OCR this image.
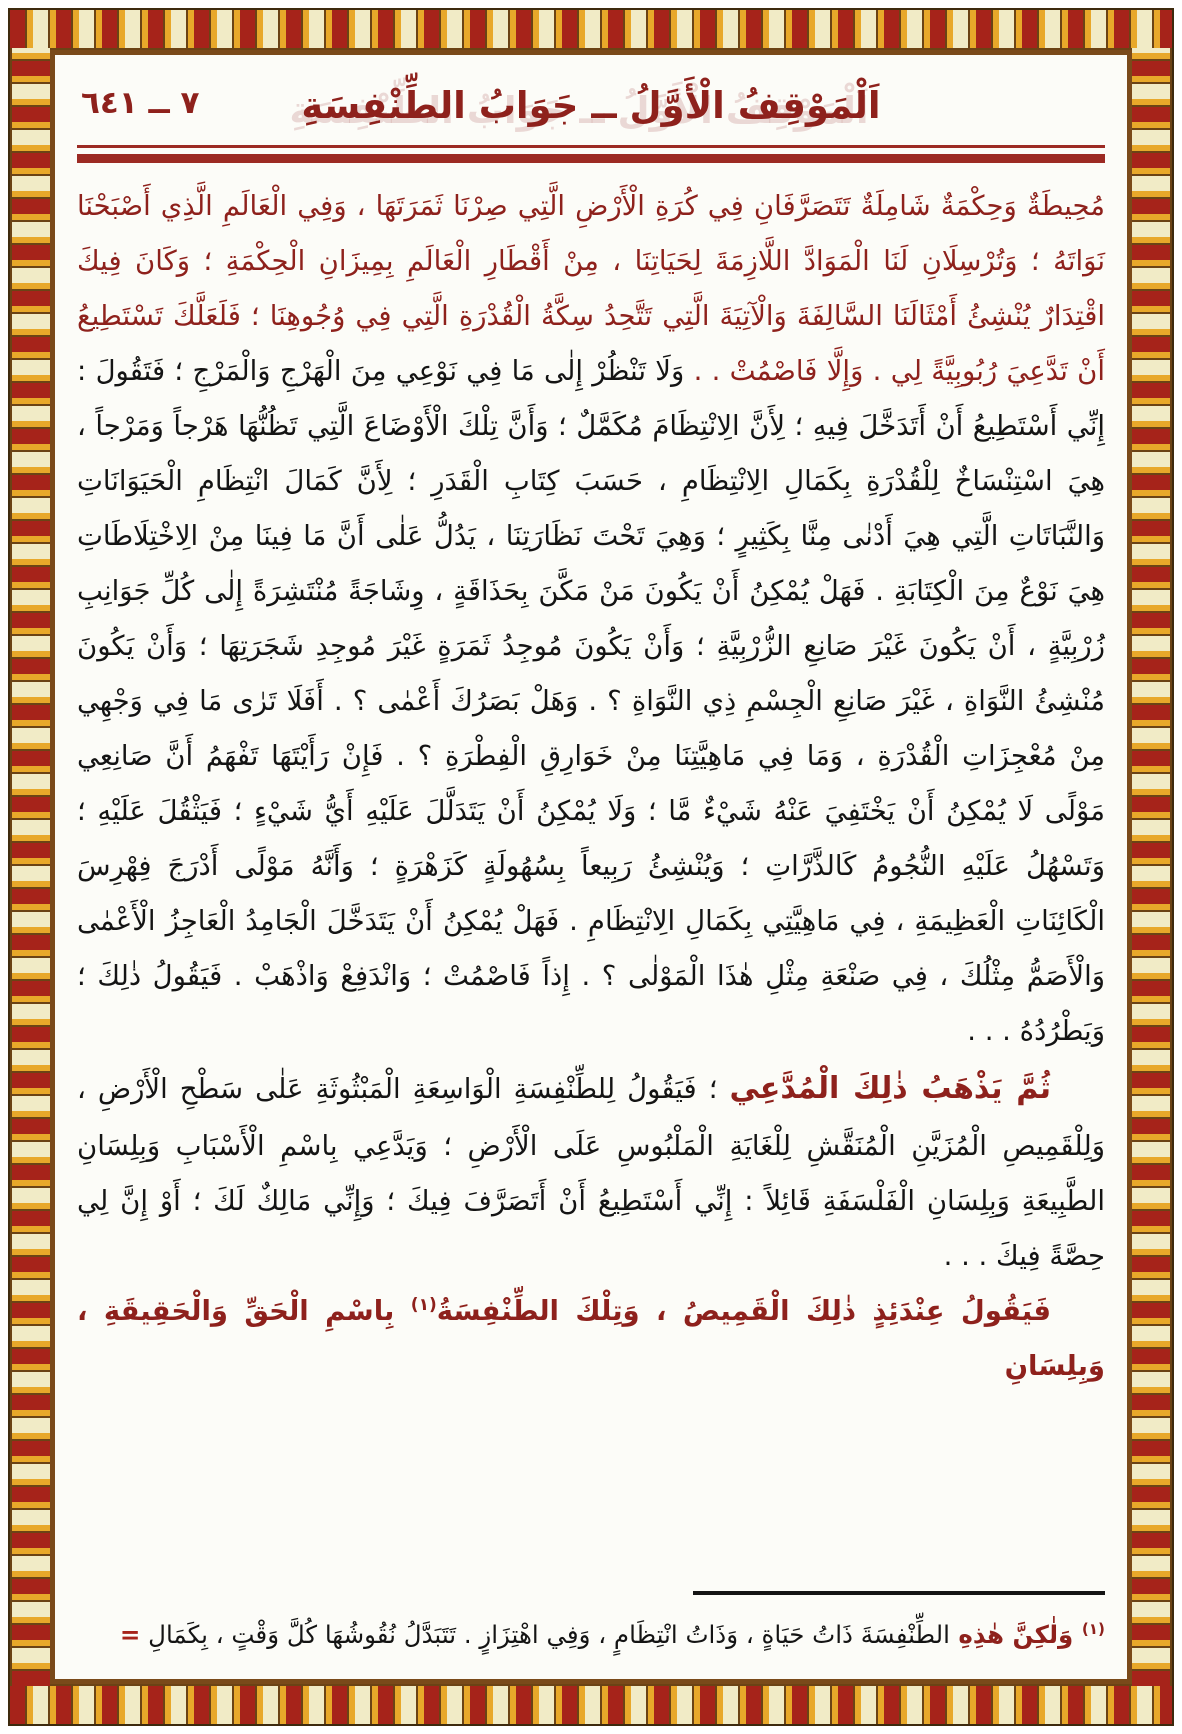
٧ ــ ٦٤١	اَلْمَوْقِفُ الْأَوَّلُ ــ جَوَابُ الطِّنْفِسَةِ

مُحِيطَةٌ وَحِكْمَةٌ شَامِلَةٌ تَتَصَرَّفَانِ فِي كُرَةِ الْأَرْضِ الَّتِي صِرْنَا ثَمَرَتَهَا ، وَفِي الْعَالَمِ الَّذِي أَصْبَحْنَا نَوَاتَهُ ؛ وَتُرْسِلَانِ لَنَا الْمَوَادَّ اللَّازِمَةَ لِحَيَاتِنَا ، مِنْ أَقْطَارِ الْعَالَمِ بِمِيزَانِ الْحِكْمَةِ ؛ وَكَانَ فِيكَ اقْتِدَارٌ يُنْشِئُ أَمْثَالَنَا السَّالِفَةَ وَالْآتِيَةَ الَّتِي تَتَّحِدُ سِكَّةُ الْقُدْرَةِ الَّتِي فِي وُجُوهِنَا ؛ فَلَعَلَّكَ تَسْتَطِيعُ أَنْ تَدَّعِيَ رُبُوبِيَّةً لِي . وَإِلَّا فَاصْمُتْ . . وَلَا تَنْظُرْ إِلٰى مَا فِي نَوْعِي مِنَ الْهَرْجِ وَالْمَرْجِ ؛ فَتَقُولَ : إِنِّي أَسْتَطِيعُ أَنْ أَتَدَخَّلَ فِيهِ ؛ لِأَنَّ الِانْتِظَامَ مُكَمَّلٌ ؛ وَأَنَّ تِلْكَ الْأَوْضَاعَ الَّتِي تَظُنُّهَا هَرْجاً وَمَرْجاً ، هِيَ اسْتِنْسَاخٌ لِلْقُدْرَةِ بِكَمَالِ الِانْتِظَامِ ، حَسَبَ كِتَابِ الْقَدَرِ ؛ لِأَنَّ كَمَالَ انْتِظَامِ الْحَيَوَانَاتِ وَالنَّبَاتَاتِ الَّتِي هِيَ أَدْنٰى مِنَّا بِكَثِيرٍ ؛ وَهِيَ تَحْتَ نَظَارَتِنَا ، يَدُلُّ عَلٰى أَنَّ مَا فِينَا مِنْ الِاخْتِلَاطَاتِ هِيَ نَوْعٌ مِنَ الْكِتَابَةِ . فَهَلْ يُمْكِنُ أَنْ يَكُونَ مَنْ مَكَّنَ بِحَذَاقَةٍ ، وِشَاجَةً مُنْتَشِرَةً إِلٰى كُلِّ جَوَانِبِ زُرْبِيَّةٍ ، أَنْ يَكُونَ غَيْرَ صَانِعِ الزُّرْبِيَّةِ ؛ وَأَنْ يَكُونَ مُوجِدُ ثَمَرَةٍ غَيْرَ مُوجِدِ شَجَرَتِهَا ؛ وَأَنْ يَكُونَ مُنْشِئُ النَّوَاةِ ، غَيْرَ صَانِعِ الْجِسْمِ ذِي النَّوَاةِ ؟ . وَهَلْ بَصَرُكَ أَعْمٰى ؟ . أَفَلَا تَرٰى مَا فِي وَجْهِي مِنْ مُعْجِزَاتِ الْقُدْرَةِ ، وَمَا فِي مَاهِيَّتِنَا مِنْ خَوَارِقِ الْفِطْرَةِ ؟ . فَإِنْ رَأَيْتَهَا تَفْهَمُ أَنَّ صَانِعِي مَوْلًى لَا يُمْكِنُ أَنْ يَخْتَفِيَ عَنْهُ شَيْءٌ مَّا ؛ وَلَا يُمْكِنُ أَنْ يَتَدَلَّلَ عَلَيْهِ أَيُّ شَيْءٍ ؛ فَيَثْقُلَ عَلَيْهِ ؛ وَتَسْهُلُ عَلَيْهِ النُّجُومُ كَالذَّرَّاتِ ؛ وَيُنْشِئُ رَبِيعاً بِسُهُولَةٍ كَزَهْرَةٍ ؛ وَأَنَّهُ مَوْلًى أَدْرَجَ فِهْرِسَ الْكَائِنَاتِ الْعَظِيمَةِ ، فِي مَاهِيَّتِي بِكَمَالِ الِانْتِظَامِ . فَهَلْ يُمْكِنُ أَنْ يَتَدَخَّلَ الْجَامِدُ الْعَاجِزُ الْأَعْمٰى وَالْأَصَمُّ مِثْلُكَ ، فِي صَنْعَةِ مِثْلِ هٰذَا الْمَوْلٰى ؟ . إِذاً فَاصْمُتْ ؛ وَانْدَفِعْ وَاذْهَبْ . فَيَقُولُ ذٰلِكَ ؛ وَيَطْرُدُهُ . . .

ثُمَّ يَذْهَبُ ذٰلِكَ الْمُدَّعِي ؛ فَيَقُولُ لِلطِّنْفِسَةِ الْوَاسِعَةِ الْمَبْثُوثَةِ عَلٰى سَطْحِ الْأَرْضِ ، وَلِلْقَمِيصِ الْمُزَيَّنِ الْمُنَقَّشِ لِلْغَايَةِ الْمَلْبُوسِ عَلَى الْأَرْضِ ؛ وَيَدَّعِي بِاسْمِ الْأَسْبَابِ وَبِلِسَانِ الطَّبِيعَةِ وَبِلِسَانِ الْفَلْسَفَةِ قَائِلاً : إِنِّي أَسْتَطِيعُ أَنْ أَتَصَرَّفَ فِيكَ ؛ وَإِنِّي مَالِكٌ لَكَ ؛ أَوْ إِنَّ لِي حِصَّةً فِيكَ . . .

فَيَقُولُ عِنْدَئِذٍ ذٰلِكَ الْقَمِيصُ ، وَتِلْكَ الطِّنْفِسَةُ$^{(١)}$ بِاسْمِ الْحَقِّ وَالْحَقِيقَةِ ، وَبِلِسَانِ

$^{(١)}$ وَلٰكِنَّ هٰذِهِ الطِّنْفِسَةَ ذَاتُ حَيَاةٍ ، وَذَاتُ انْتِظَامٍ ، وَفِي اهْتِزَازٍ . تَتَبَدَّلُ نُقُوشُهَا كُلَّ وَقْتٍ ، بِكَمَالِ =
